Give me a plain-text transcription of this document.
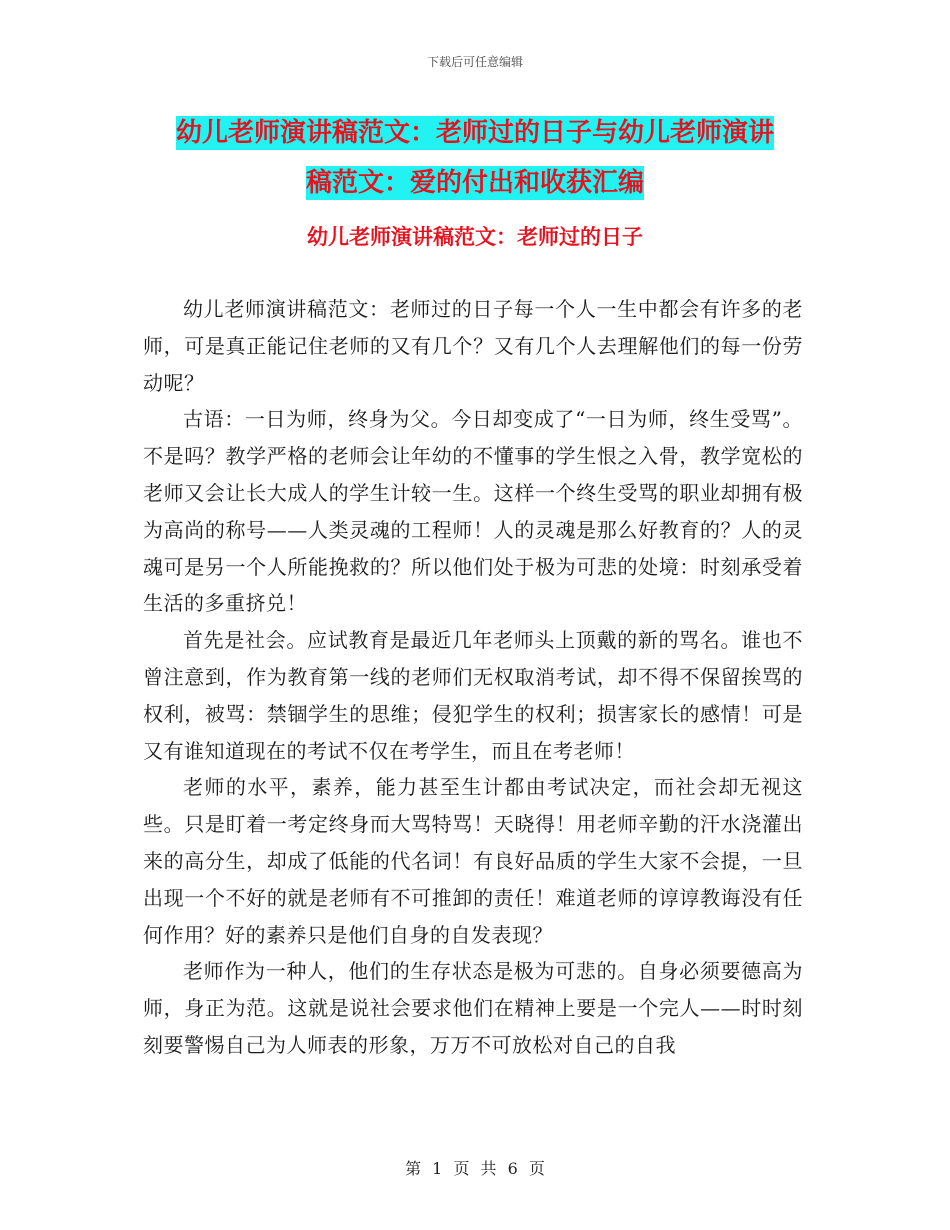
下载后可任意编辑
幼儿老师演讲稿范文：老师过的日子与幼儿老师演讲
稿范文：爱的付出和收获汇编
幼儿老师演讲稿范文：老师过的日子

幼儿老师演讲稿范文：老师过的日子每一个人一生中都会有许多的老师，可是真正能记住老师的又有几个？又有几个人去理解他们的每一份劳动呢？

古语：一日为师，终身为父。今日却变成了“一日为师，终生受骂”。不是吗？教学严格的老师会让年幼的不懂事的学生恨之入骨，教学宽松的老师又会让长大成人的学生计较一生。这样一个终生受骂的职业却拥有极为高尚的称号——人类灵魂的工程师！人的灵魂是那么好教育的？人的灵魂可是另一个人所能挽救的？所以他们处于极为可悲的处境：时刻承受着生活的多重挤兑！

首先是社会。应试教育是最近几年老师头上顶戴的新的骂名。谁也不曾注意到，作为教育第一线的老师们无权取消考试，却不得不保留挨骂的权利，被骂：禁锢学生的思维；侵犯学生的权利；损害家长的感情！可是又有谁知道现在的考试不仅在考学生，而且在考老师！

老师的水平，素养，能力甚至生计都由考试决定，而社会却无视这些。只是盯着一考定终身而大骂特骂！天晓得！用老师辛勤的汗水浇灌出来的高分生，却成了低能的代名词！有良好品质的学生大家不会提，一旦出现一个不好的就是老师有不可推卸的责任！难道老师的谆谆教诲没有任何作用？好的素养只是他们自身的自发表现？

老师作为一种人，他们的生存状态是极为可悲的。自身必须要德高为师，身正为范。这就是说社会要求他们在精神上要是一个完人——时时刻刻要警惕自己为人师表的形象，万万不可放松对自己的自我

第 1 页 共 6 页
